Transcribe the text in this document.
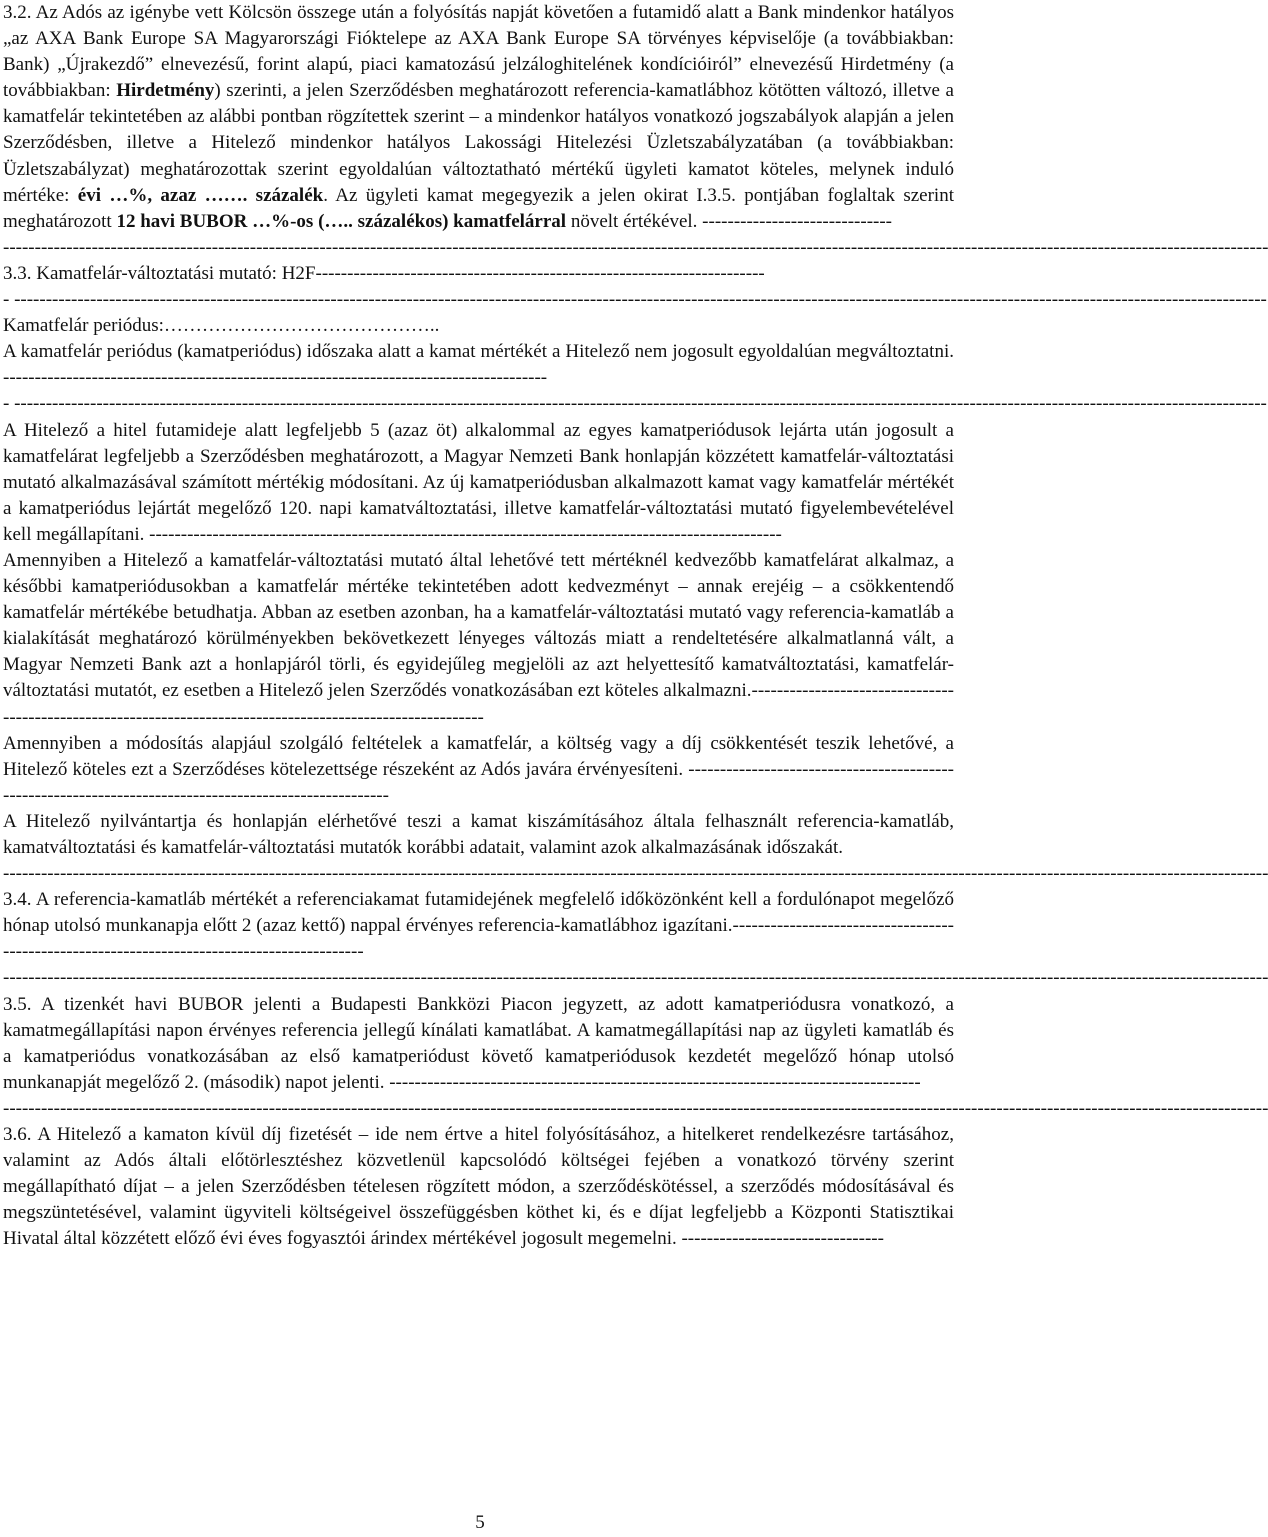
3.2. Az Adós az igénybe vett Kölcsön összege után a folyósítás napját követően a futamidő alatt a Bank mindenkor hatályos „az AXA Bank Europe SA Magyarországi Fióktelepe az AXA Bank Europe SA törvényes képviselője (a továbbiakban: Bank) „Újrakezdő” elnevezésű, forint alapú, piaci kamatozású jelzáloghitelének kondícióiról” elnevezésű Hirdetmény (a továbbiakban: Hirdetmény) szerinti, a jelen Szerződésben meghatározott referencia-kamatlábhoz kötötten változó, illetve a kamatfelár tekintetében az alábbi pontban rögzítettek szerint – a mindenkor hatályos vonatkozó jogszabályok alapján a jelen Szerződésben, illetve a Hitelező mindenkor hatályos Lakossági Hitelezési Üzletszabályzatában (a továbbiakban: Üzletszabályzat) meghatározottak szerint egyoldalúan változtatható mértékű ügyleti kamatot köteles, melynek induló mértéke: évi …%, azaz ……. százalék. Az ügyleti kamat megegyezik a jelen okirat I.3.5. pontjában foglaltak szerint meghatározott 12 havi BUBOR …%-os (….. százalékos) kamatfelárral növelt értékével. ------------------------------

--------------------------------------------------------------------------------------------------------------------------------------------------------------------------------------------------------

3.3. Kamatfelár-változtatási mutató: H2F-----------------------------------------------------------------------

- ------------------------------------------------------------------------------------------------------------------------------------------------------------------------------------------------------

Kamatfelár periódus:……………………………………..

A kamatfelár periódus (kamatperiódus) időszaka alatt a kamat mértékét a Hitelező nem jogosult egyoldalúan megváltoztatni. --------------------------------------------------------------------------------------

- ------------------------------------------------------------------------------------------------------------------------------------------------------------------------------------------------------

A Hitelező a hitel futamideje alatt legfeljebb 5 (azaz öt) alkalommal az egyes kamatperiódusok lejárta után jogosult a kamatfelárat legfeljebb a Szerződésben meghatározott, a Magyar Nemzeti Bank honlapján közzétett kamatfelár-változtatási mutató alkalmazásával számított mértékig módosítani. Az új kamatperiódusban alkalmazott kamat vagy kamatfelár mértékét a kamatperiódus lejártát megelőző 120. napi kamatváltoztatási, illetve kamatfelár-változtatási mutató figyelembevételével kell megállapítani. ----------------------------------------------------------------------------------------------------

Amennyiben a Hitelező a kamatfelár-változtatási mutató által lehetővé tett mértéknél kedvezőbb kamatfelárat alkalmaz, a későbbi kamatperiódusokban a kamatfelár mértéke tekintetében adott kedvezményt – annak erejéig – a csökkentendő kamatfelár mértékébe betudhatja. Abban az esetben azonban, ha a kamatfelár-változtatási mutató vagy referencia-kamatláb a kialakítását meghatározó körülményekben bekövetkezett lényeges változás miatt a rendeltetésére alkalmatlanná vált, a Magyar Nemzeti Bank azt a honlapjáról törli, és egyidejűleg megjelöli az azt helyettesítő kamatváltoztatási, kamatfelár-változtatási mutatót, ez esetben a Hitelező jelen Szerződés vonatkozásában ezt köteles alkalmazni.------------------------------------------------------------------------------------------------------------

Amennyiben a módosítás alapjául szolgáló feltételek a kamatfelár, a költség vagy a díj csökkentését teszik lehetővé, a Hitelező köteles ezt a Szerződéses kötelezettsége részeként az Adós javára érvényesíteni. -------------------------------------------------------------------------------------------------------

A Hitelező nyilvántartja és honlapján elérhetővé teszi a kamat kiszámításához általa felhasznált referencia-kamatláb, kamatváltoztatási és kamatfelár-változtatási mutatók korábbi adatait, valamint azok alkalmazásának időszakát.

--------------------------------------------------------------------------------------------------------------------------------------------------------------------------------------------------------

3.4. A referencia-kamatláb mértékét a referenciakamat futamidejének megfelelő időközönként kell a fordulónapot megelőző hónap utolsó munkanapja előtt 2 (azaz kettő) nappal érvényes referencia-kamatlábhoz igazítani.--------------------------------------------------------------------------------------------

--------------------------------------------------------------------------------------------------------------------------------------------------------------------------------------------------------

3.5. A tizenkét havi BUBOR jelenti a Budapesti Bankközi Piacon jegyzett, az adott kamatperiódusra vonatkozó, a kamatmegállapítási napon érvényes referencia jellegű kínálati kamatlábat. A kamatmegállapítási nap az ügyleti kamatláb és a kamatperiódus vonatkozásában az első kamatperiódust követő kamatperiódusok kezdetét megelőző hónap utolsó munkanapját megelőző 2. (második) napot jelenti. ------------------------------------------------------------------------------------

--------------------------------------------------------------------------------------------------------------------------------------------------------------------------------------------------------

3.6. A Hitelező a kamaton kívül díj fizetését – ide nem értve a hitel folyósításához, a hitelkeret rendelkezésre tartásához, valamint az Adós általi előtörlesztéshez közvetlenül kapcsolódó költségei fejében a vonatkozó törvény szerint megállapítható díjat – a jelen Szerződésben tételesen rögzített módon, a szerződéskötéssel, a szerződés módosításával és megszüntetésével, valamint ügyviteli költségeivel összefüggésben köthet ki, és e díjat legfeljebb a Központi Statisztikai Hivatal által közzétett előző évi éves fogyasztói árindex mértékével jogosult megemelni. --------------------------------

5
